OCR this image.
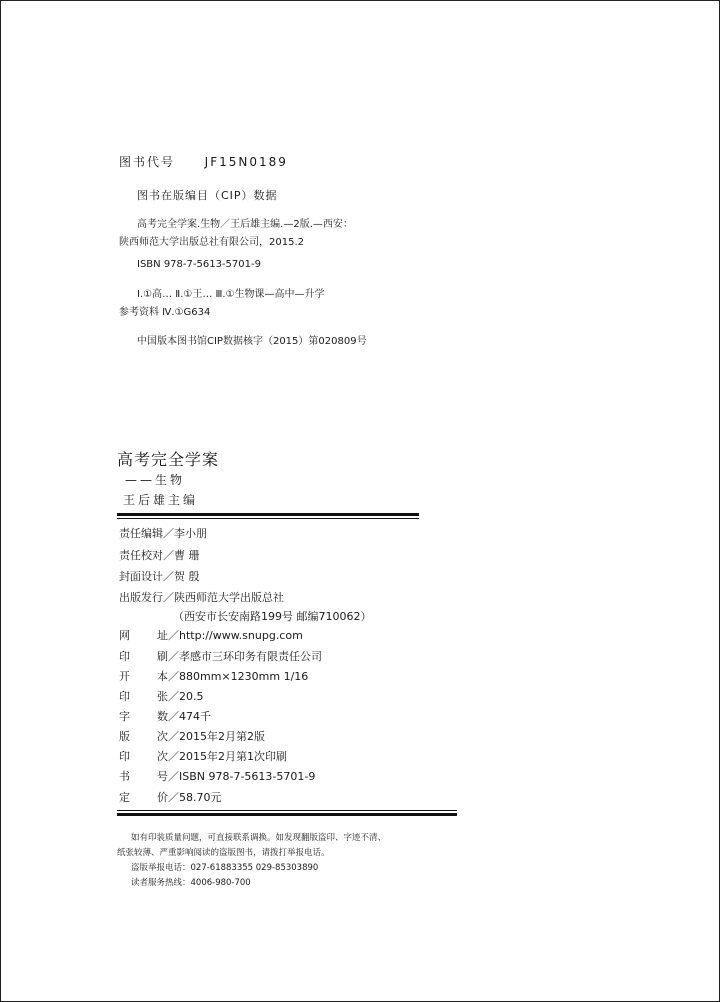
图书代号 JF15N0189
图书在版编目（CIP）数据
高考完全学案.生物／王后雄主编.—2版.—西安：
陕西师范大学出版总社有限公司，2015.2
ISBN 978-7-5613-5701-9
Ⅰ.①高… Ⅱ.①王… Ⅲ.①生物课—高中—升学
参考资料 Ⅳ.①G634
中国版本图书馆CIP数据核字（2015）第020809号
高考完全学案
——生物
王后雄主编
责任编辑／李小朋
责任校对／曹 珊
封面设计／贺 殷
出版发行／陕西师范大学出版总社
（西安市长安南路199号 邮编710062）
网 址／http://www.snupg.com
印 刷／孝感市三环印务有限责任公司
开 本／880mm×1230mm 1/16
印 张／20.5
字 数／474千
版 次／2015年2月第2版
印 次／2015年2月第1次印刷
书 号／ISBN 978-7-5613-5701-9
定 价／58.70元
如有印装质量问题，可直接联系调换。如发现翻版盗印、字迹不清、
纸张较薄、严重影响阅读的盗版图书，请拨打举报电话。
盗版举报电话：027-61883355 029-85303890
读者服务热线：4006-980-700
